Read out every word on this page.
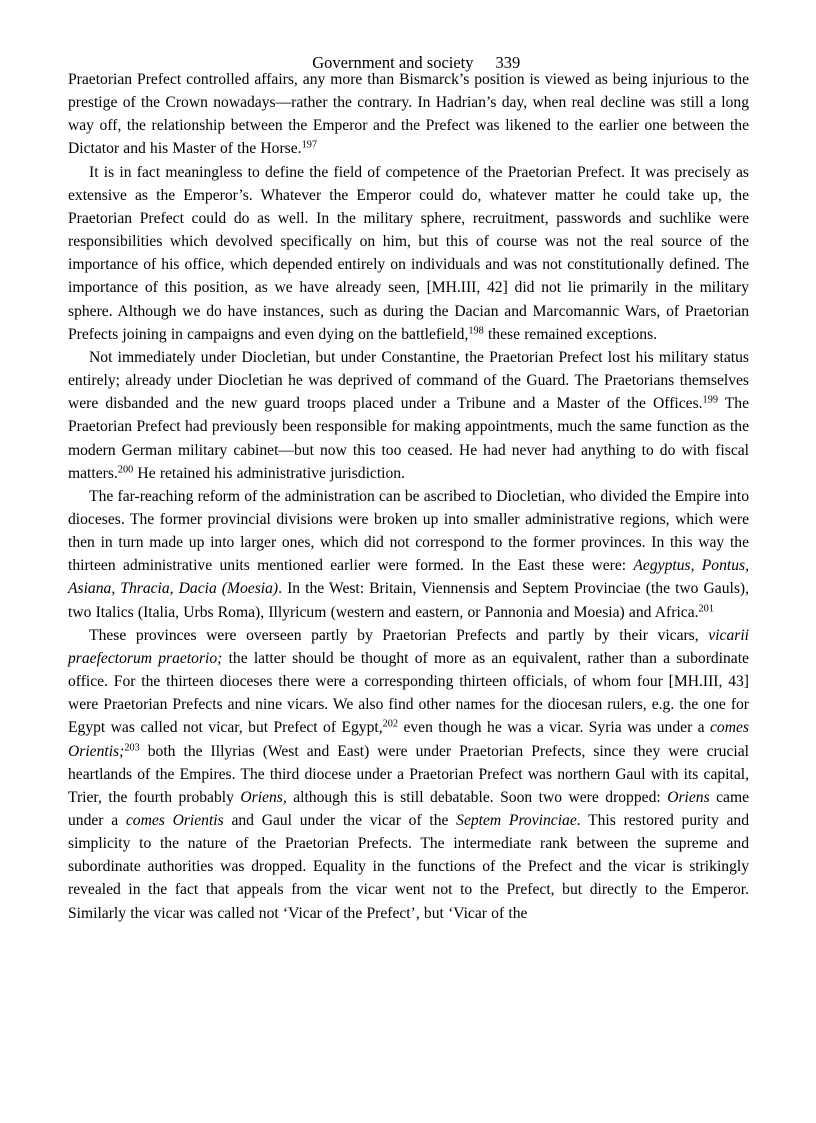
Government and society 339

Praetorian Prefect controlled affairs, any more than Bismarck’s position is viewed as being injurious to the prestige of the Crown nowadays—rather the contrary. In Hadrian’s day, when real decline was still a long way off, the relationship between the Emperor and the Prefect was likened to the earlier one between the Dictator and his Master of the Horse.$^{197}$

It is in fact meaningless to define the field of competence of the Praetorian Prefect. It was precisely as extensive as the Emperor’s. Whatever the Emperor could do, whatever matter he could take up, the Praetorian Prefect could do as well. In the military sphere, recruitment, passwords and suchlike were responsibilities which devolved specifically on him, but this of course was not the real source of the importance of his office, which depended entirely on individuals and was not constitutionally defined. The importance of this position, as we have already seen, [MH.III, 42] did not lie primarily in the military sphere. Although we do have instances, such as during the Dacian and Marcomannic Wars, of Praetorian Prefects joining in campaigns and even dying on the battlefield,$^{198}$ these remained exceptions.

Not immediately under Diocletian, but under Constantine, the Praetorian Prefect lost his military status entirely; already under Diocletian he was deprived of command of the Guard. The Praetorians themselves were disbanded and the new guard troops placed under a Tribune and a Master of the Offices.$^{199}$ The Praetorian Prefect had previously been responsible for making appointments, much the same function as the modern German military cabinet—but now this too ceased. He had never had anything to do with fiscal matters.$^{200}$ He retained his administrative jurisdiction.

The far-reaching reform of the administration can be ascribed to Diocletian, who divided the Empire into dioceses. The former provincial divisions were broken up into smaller administrative regions, which were then in turn made up into larger ones, which did not correspond to the former provinces. In this way the thirteen administrative units mentioned earlier were formed. In the East these were: Aegyptus, Pontus, Asiana, Thracia, Dacia (Moesia). In the West: Britain, Viennensis and Septem Provinciae (the two Gauls), two Italics (Italia, Urbs Roma), Illyricum (western and eastern, or Pannonia and Moesia) and Africa.$^{201}$

These provinces were overseen partly by Praetorian Prefects and partly by their vicars, vicarii praefectorum praetorio; the latter should be thought of more as an equivalent, rather than a subordinate office. For the thirteen dioceses there were a corresponding thirteen officials, of whom four [MH.III, 43] were Praetorian Prefects and nine vicars. We also find other names for the diocesan rulers, e.g. the one for Egypt was called not vicar, but Prefect of Egypt,$^{202}$ even though he was a vicar. Syria was under a comes Orientis;$^{203}$ both the Illyrias (West and East) were under Praetorian Prefects, since they were crucial heartlands of the Empires. The third diocese under a Praetorian Prefect was northern Gaul with its capital, Trier, the fourth probably Oriens, although this is still debatable. Soon two were dropped: Oriens came under a comes Orientis and Gaul under the vicar of the Septem Provinciae. This restored purity and simplicity to the nature of the Praetorian Prefects. The intermediate rank between the supreme and subordinate authorities was dropped. Equality in the functions of the Prefect and the vicar is strikingly revealed in the fact that appeals from the vicar went not to the Prefect, but directly to the Emperor. Similarly the vicar was called not ‘Vicar of the Prefect’, but ‘Vicar of the
